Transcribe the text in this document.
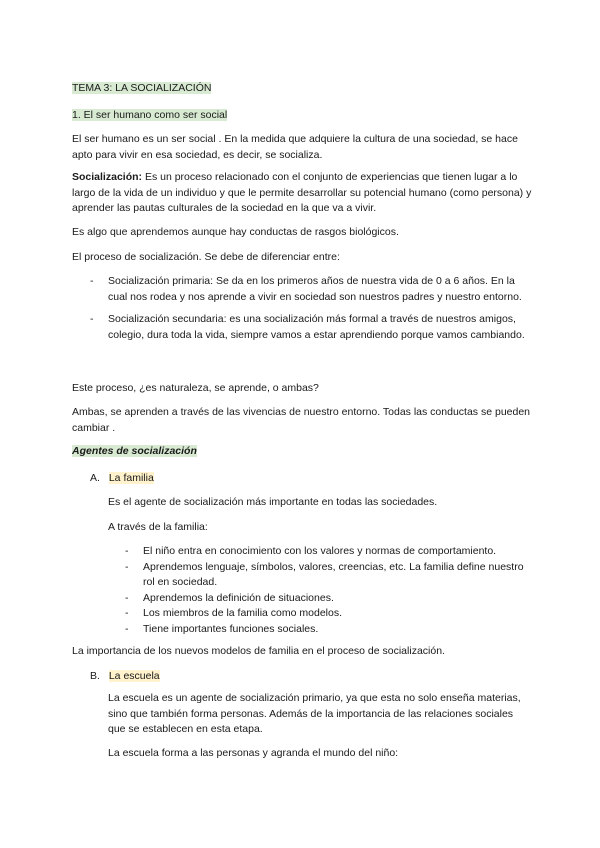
TEMA 3: LA SOCIALIZACIÓN
1. El ser humano como ser social
El ser humano es un ser social . En la medida que adquiere la cultura de una sociedad, se hace apto para vivir en esa sociedad, es decir, se socializa.
Socialización: Es un proceso relacionado con el conjunto de experiencias que tienen lugar a lo largo de la vida de un individuo y que le permite desarrollar su potencial humano (como persona) y aprender las pautas culturales de la sociedad en la que va a vivir.
Es algo que aprendemos aunque hay conductas de rasgos biológicos.
El proceso de socialización. Se debe de diferenciar entre:
- Socialización primaria: Se da en los primeros años de nuestra vida de 0 a 6 años. En la cual nos rodea y nos aprende a vivir en sociedad son nuestros padres y nuestro entorno.
- Socialización secundaria: es una socialización más formal a través de nuestros amigos, colegio, dura toda la vida, siempre vamos a estar aprendiendo porque vamos cambiando.
Este proceso, ¿es naturaleza, se aprende, o ambas?
Ambas, se aprenden a través de las vivencias de nuestro entorno. Todas las conductas se pueden cambiar .
Agentes de socialización
A. La familia
Es el agente de socialización más importante en todas las sociedades.
A través de la familia:
- El niño entra en conocimiento con los valores y normas de comportamiento.
- Aprendemos lenguaje, símbolos, valores, creencias, etc. La familia define nuestro rol en sociedad.
- Aprendemos la definición de situaciones.
- Los miembros de la familia como modelos.
- Tiene importantes funciones sociales.
La importancia de los nuevos modelos de familia en el proceso de socialización.
B. La escuela
La escuela es un agente de socialización primario, ya que esta no solo enseña materias, sino que también forma personas. Además de la importancia de las relaciones sociales que se establecen en esta etapa.
La escuela forma a las personas y agranda el mundo del niño:
